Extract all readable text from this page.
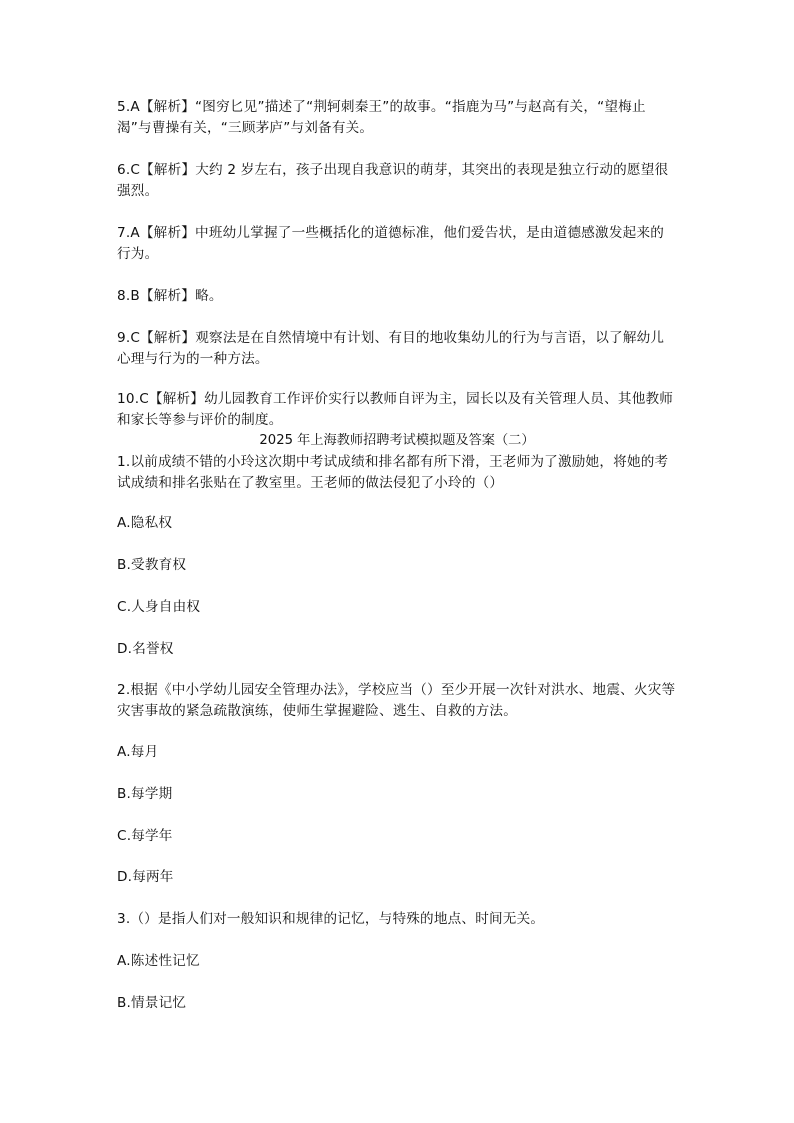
5.A【解析】“图穷匕见”描述了“荆轲刺秦王”的故事。“指鹿为马”与赵高有关，“望梅止渴”与曹操有关，“三顾茅庐”与刘备有关。

6.C【解析】大约 2 岁左右，孩子出现自我意识的萌芽，其突出的表现是独立行动的愿望很强烈。

7.A【解析】中班幼儿掌握了一些概括化的道德标准，他们爱告状，是由道德感激发起来的行为。

8.B【解析】略。

9.C【解析】观察法是在自然情境中有计划、有目的地收集幼儿的行为与言语，以了解幼儿心理与行为的一种方法。

10.C【解析】幼儿园教育工作评价实行以教师自评为主，园长以及有关管理人员、其他教师和家长等参与评价的制度。

2025 年上海教师招聘考试模拟题及答案（二）

1.以前成绩不错的小玲这次期中考试成绩和排名都有所下滑，王老师为了激励她，将她的考试成绩和排名张贴在了教室里。王老师的做法侵犯了小玲的（）

A.隐私权

B.受教育权

C.人身自由权

D.名誉权

2.根据《中小学幼儿园安全管理办法》，学校应当（）至少开展一次针对洪水、地震、火灾等灾害事故的紧急疏散演练，使师生掌握避险、逃生、自救的方法。

A.每月

B.每学期

C.每学年

D.每两年

3.（）是指人们对一般知识和规律的记忆，与特殊的地点、时间无关。

A.陈述性记忆

B.情景记忆
